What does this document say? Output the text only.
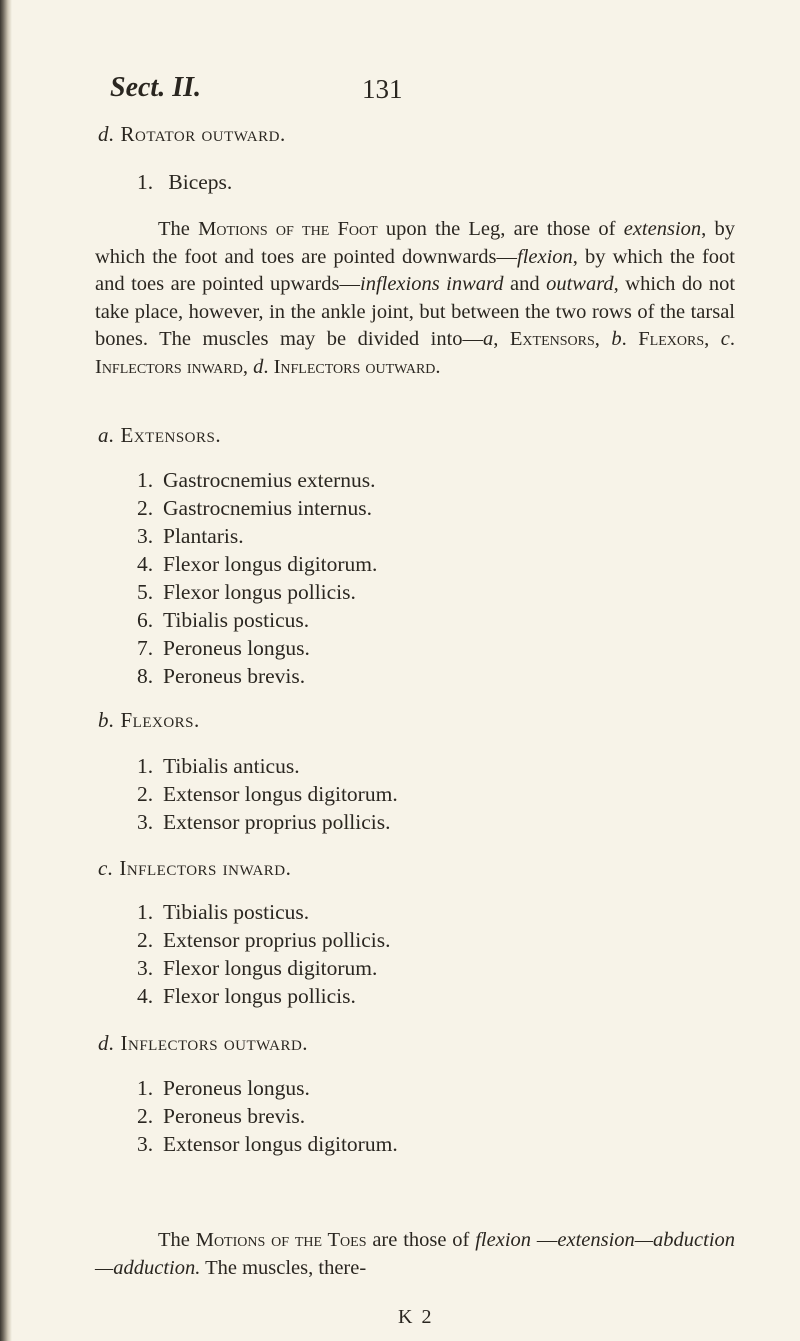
Sect. II.	131
d. Rotator outward.
1. Biceps.
The Motions of the Foot upon the Leg, are those of extension, by which the foot and toes are pointed downwards—flexion, by which the foot and toes are pointed upwards—inflexions inward and outward, which do not take place, however, in the ankle joint, but between the two rows of the tarsal bones. The muscles may be divided into—a, Extensors, b. Flexors, c. Inflectors inward, d. Inflectors outward.
a. Extensors.
1. Gastrocnemius externus.
2. Gastrocnemius internus.
3. Plantaris.
4. Flexor longus digitorum.
5. Flexor longus pollicis.
6. Tibialis posticus.
7. Peroneus longus.
8. Peroneus brevis.
b. Flexors.
1. Tibialis anticus.
2. Extensor longus digitorum.
3. Extensor proprius pollicis.
c. Inflectors inward.
1. Tibialis posticus.
2. Extensor proprius pollicis.
3. Flexor longus digitorum.
4. Flexor longus pollicis.
d. Inflectors outward.
1. Peroneus longus.
2. Peroneus brevis.
3. Extensor longus digitorum.
The Motions of the Toes are those of flexion —extension—abduction—adduction. The muscles, there-
K 2
